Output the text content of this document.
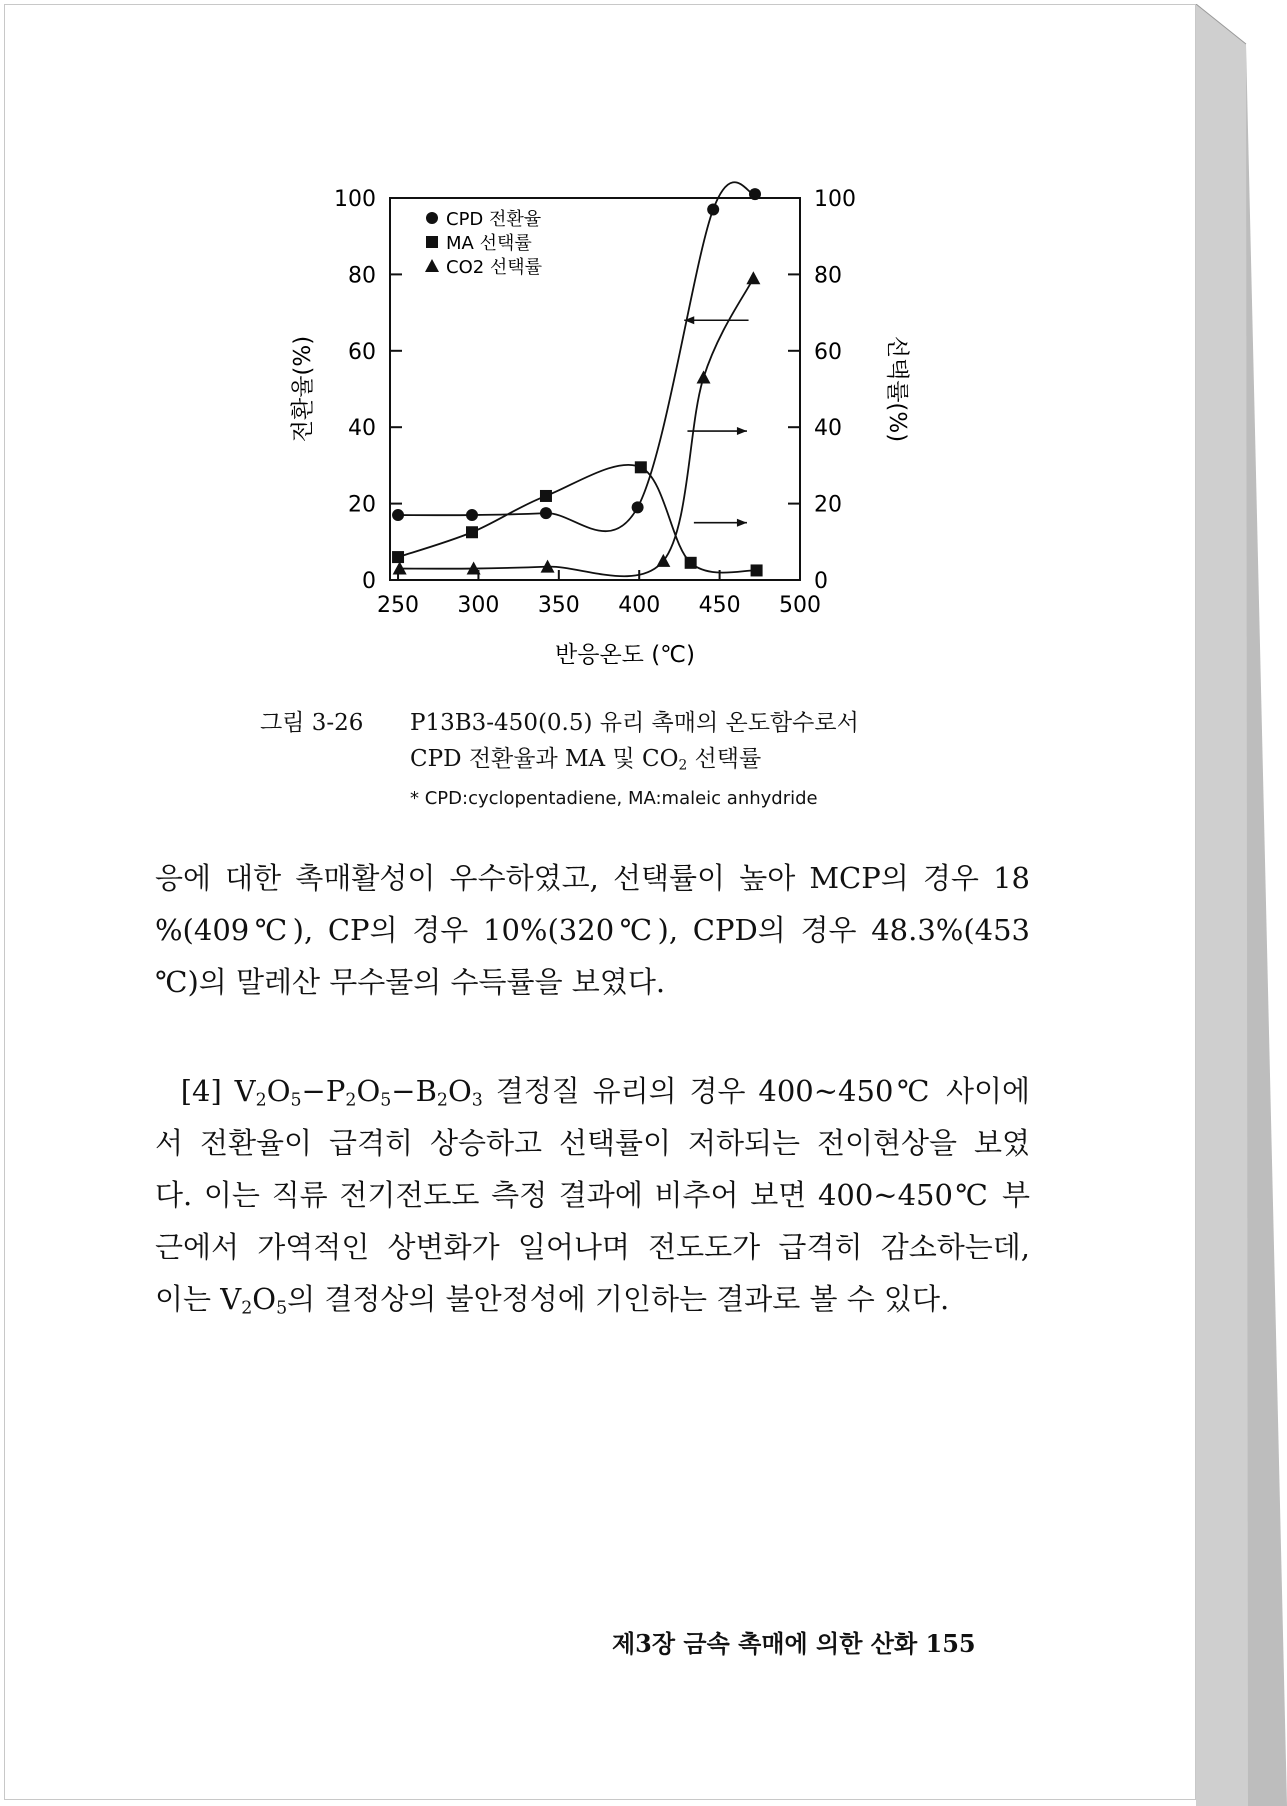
0	0
20	20
40	40
60	60
80	80
100	100
250 300 350 400 450 500
반응온도 (℃)
전환율(%)	선택률(%)
CPD 전환율
MA 선택률
CO2 선택률
그림 3-26 P13B3-450(0.5) 유리 촉매의 온도함수로서
CPD 전환율과 MA 및 $CO_2$ 선택률
* CPD:cyclopentadiene, MA:maleic anhydride
응에 대한 촉매활성이 우수하였고, 선택률이 높아 MCP의 경우 18
%(409℃), CP의 경우 10%(320℃), CPD의 경우 48.3%(453
℃)의 말레산 무수물의 수득률을 보였다.
[4] $V_2O_5-P_2O_5-B_2O_3$ 결정질 유리의 경우 400~450℃ 사이에
서 전환율이 급격히 상승하고 선택률이 저하되는 전이현상을 보였
다. 이는 직류 전기전도도 측정 결과에 비추어 보면 400~450℃ 부
근에서 가역적인 상변화가 일어나며 전도도가 급격히 감소하는데,
이는 $V_2O_5$의 결정상의 불안정성에 기인하는 결과로 볼 수 있다.
제3장 금속 촉매에 의한 산화 155
